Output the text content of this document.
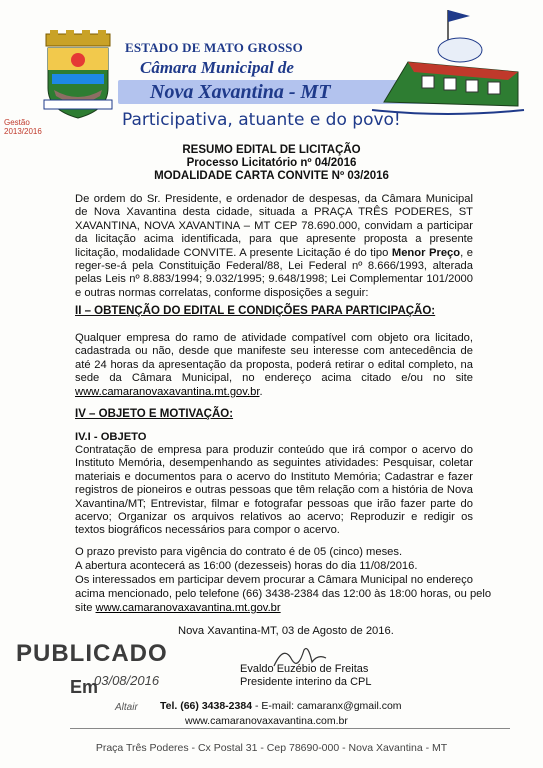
Gestão
2013/2016
ESTADO DE MATO GROSSO
Câmara Municipal de
Nova Xavantina - MT
Participativa, atuante e do povo!
RESUMO EDITAL DE LICITAÇÃO
Processo Licitatório nº 04/2016
MODALIDADE CARTA CONVITE Nº 03/2016
De ordem do Sr. Presidente, e ordenador de despesas, da Câmara Municipal de Nova Xavantina desta cidade, situada a PRAÇA TRÊS PODERES, ST XAVANTINA, NOVA XAVANTINA – MT CEP 78.690.000, convidam a participar da licitação acima identificada, para que apresente proposta a presente licitação, modalidade CONVITE. A presente Licitação é do tipo Menor Preço, e reger-se-á pela Constituição Federal/88, Lei Federal nº 8.666/1993, alterada pelas Leis nº 8.883/1994; 9.032/1995; 9.648/1998; Lei Complementar 101/2000 e outras normas correlatas, conforme disposições a seguir:
II – OBTENÇÃO DO EDITAL E CONDIÇÕES PARA PARTICIPAÇÃO:
Qualquer empresa do ramo de atividade compatível com objeto ora licitado, cadastrada ou não, desde que manifeste seu interesse com antecedência de até 24 horas da apresentação da proposta, poderá retirar o edital completo, na sede da Câmara Municipal, no endereço acima citado e/ou no site www.camaranovaxavantina.mt.gov.br.
IV – OBJETO E MOTIVAÇÃO:
IV.I - OBJETO
Contratação de empresa para produzir conteúdo que irá compor o acervo do Instituto Memória, desempenhando as seguintes atividades: Pesquisar, coletar materiais e documentos para o acervo do Instituto Memória; Cadastrar e fazer registros de pioneiros e outras pessoas que têm relação com a história de Nova Xavantina/MT; Entrevistar, filmar e fotografar pessoas que irão fazer parte do acervo; Organizar os arquivos relativos ao acervo; Reproduzir e redigir os textos biográficos necessários para compor o acervo.
O prazo previsto para vigência do contrato é de 05 (cinco) meses.
A abertura acontecerá as 16:00 (dezesseis) horas do dia 11/08/2016.
Os interessados em participar devem procurar a Câmara Municipal no endereço
acima mencionado, pelo telefone (66) 3438-2384 das 12:00 às 18:00 horas, ou pelo
site www.camaranovaxavantina.mt.gov.br
Nova Xavantina-MT, 03 de Agosto de 2016.
PUBLICADO
Em
03/08/2016
Altair
Evaldo Euzébio de Freitas
Presidente interino da CPL
Tel. (66) 3438-2384 - E-mail: camaranx@gmail.com
www.camaranovaxavantina.com.br
Praça Três Poderes - Cx Postal 31 - Cep 78690-000 - Nova Xavantina - MT
